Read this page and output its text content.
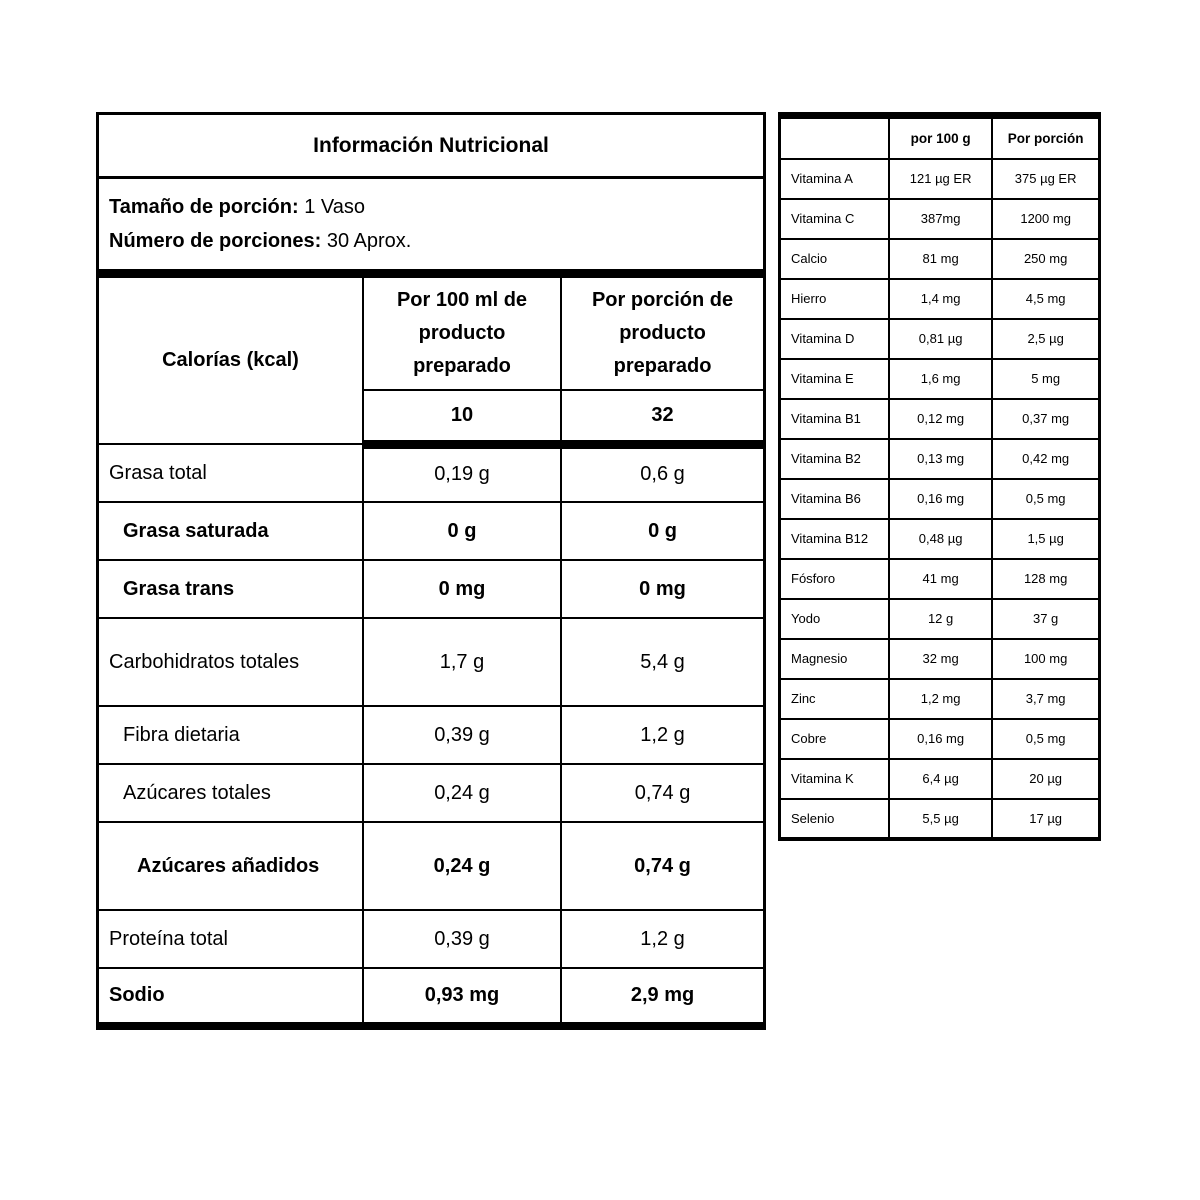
Información Nutricional		

Tamaño de porción: 1 Vaso
Número de porciones: 30 Aprox.		

Calorías (kcal)	Por 100 ml de producto preparado	Por porción de producto preparado
	10	32
Grasa total	0,19 g	0,6 g
Grasa saturada	0 g	0 g
Grasa trans	0 mg	0 mg
Carbohidratos totales	1,7 g	5,4 g
Fibra dietaria	0,39 g	1,2 g
Azúcares totales	0,24 g	0,74 g
Azúcares añadidos	0,24 g	0,74 g
Proteína total	0,39 g	1,2 g
Sodio	0,93 mg	2,9 mg
	por 100 g	Por porción
Vitamina A	121 µg ER	375 µg ER
Vitamina C	387mg	1200 mg
Calcio	81 mg	250 mg
Hierro	1,4 mg	4,5 mg
Vitamina D	0,81 µg	2,5 µg
Vitamina E	1,6 mg	5 mg
Vitamina B1	0,12 mg	0,37 mg
Vitamina B2	0,13 mg	0,42 mg
Vitamina B6	0,16 mg	0,5 mg
Vitamina B12	0,48 µg	1,5 µg
Fósforo	41 mg	128 mg
Yodo	12 g	37 g
Magnesio	32 mg	100 mg
Zinc	1,2 mg	3,7 mg
Cobre	0,16 mg	0,5 mg
Vitamina K	6,4 µg	20 µg
Selenio	5,5 µg	17 µg
